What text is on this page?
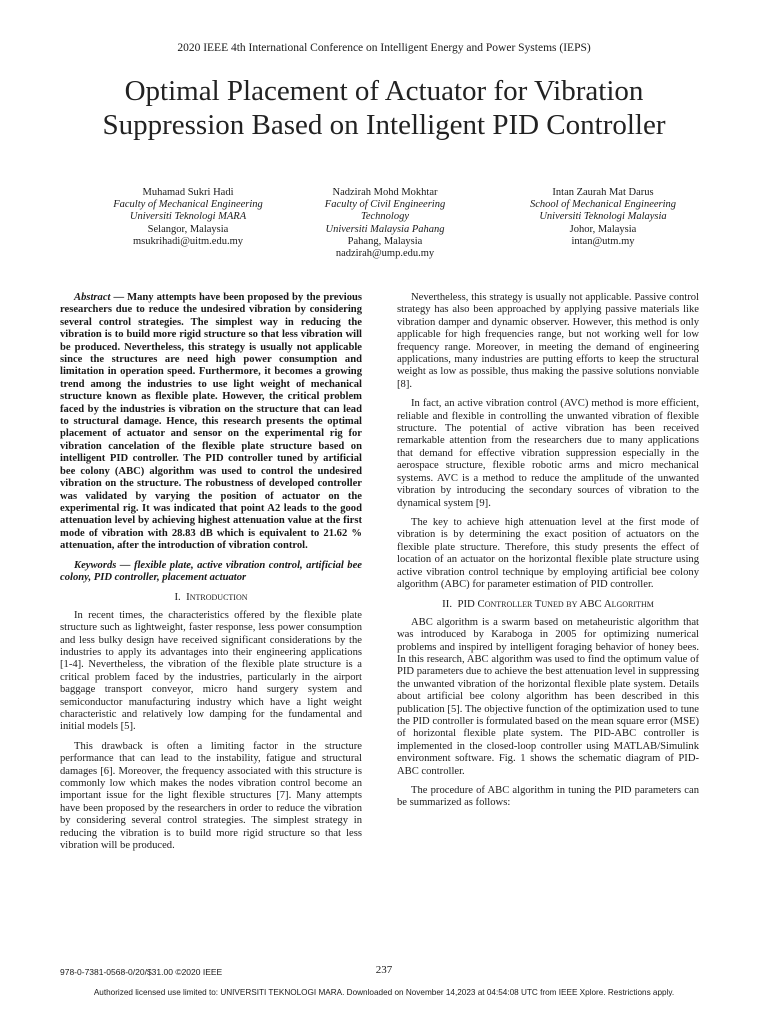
2020 IEEE 4th International Conference on Intelligent Energy and Power Systems (IEPS)
Optimal Placement of Actuator for Vibration
Suppression Based on Intelligent PID Controller
Muhamad Sukri Hadi
Faculty of Mechanical Engineering
Universiti Teknologi MARA
Selangor, Malaysia
msukrihadi@uitm.edu.my
Nadzirah Mohd Mokhtar
Faculty of Civil Engineering
Technology
Universiti Malaysia Pahang
Pahang, Malaysia
nadzirah@ump.edu.my
Intan Zaurah Mat Darus
School of Mechanical Engineering
Universiti Teknologi Malaysia
Johor, Malaysia
intan@utm.my

Abstract — Many attempts have been proposed by the previous researchers due to reduce the undesired vibration by considering several control strategies. The simplest way in reducing the vibration is to build more rigid structure so that less vibration will be produced. Nevertheless, this strategy is usually not applicable since the structures are need high power consumption and limitation in operation speed. Furthermore, it becomes a growing trend among the industries to use light weight of mechanical structure known as flexible plate. However, the critical problem faced by the industries is vibration on the structure that can lead to structural damage. Hence, this research presents the optimal placement of actuator and sensor on the experimental rig for vibration cancelation of the flexible plate structure based on intelligent PID controller. The PID controller tuned by artificial bee colony (ABC) algorithm was used to control the undesired vibration on the structure. The robustness of developed controller was validated by varying the position of actuator on the experimental rig. It was indicated that point A2 leads to the good attenuation level by achieving highest attenuation value at the first mode of vibration with 28.83 dB which is equivalent to 21.62 % attenuation, after the introduction of vibration control.

Keywords — flexible plate, active vibration control, artificial bee colony, PID controller, placement actuator

I. Introduction

In recent times, the characteristics offered by the flexible plate structure such as lightweight, faster response, less power consumption and less bulky design have received significant considerations by the industries to apply its advantages into their engineering applications [1-4]. Nevertheless, the vibration of the flexible plate structure is a critical problem faced by the industries, particularly in the airport baggage transport conveyor, micro hand surgery system and semiconductor manufacturing industry which have a light weight characteristic and relatively low damping for the fundamental and initial models [5].

This drawback is often a limiting factor in the structure performance that can lead to the instability, fatigue and structural damages [6]. Moreover, the frequency associated with this structure is commonly low which makes the nodes vibration control become an important issue for the light flexible structures [7]. Many attempts have been proposed by the researchers in order to reduce the vibration by considering several control strategies. The simplest strategy in reducing the vibration is to build more rigid structure so that less vibration will be produced.

Nevertheless, this strategy is usually not applicable. Passive control strategy has also been approached by applying passive materials like vibration damper and dynamic observer. However, this method is only applicable for high frequencies range, but not working well for low frequency range. Moreover, in meeting the demand of engineering applications, many industries are putting efforts to keep the structural weight as low as possible, thus making the passive solutions nonviable [8].

In fact, an active vibration control (AVC) method is more efficient, reliable and flexible in controlling the unwanted vibration of flexible structure. The potential of active vibration has been received remarkable attention from the researchers due to many applications that demand for effective vibration suppression especially in the aerospace structure, flexible robotic arms and micro mechanical systems. AVC is a method to reduce the amplitude of the unwanted vibration by introducing the secondary sources of vibration to the dynamical system [9].

The key to achieve high attenuation level at the first mode of vibration is by determining the exact position of actuators on the flexible plate structure. Therefore, this study presents the effect of location of an actuator on the horizontal flexible plate structure using active vibration control technique by employing artificial bee colony algorithm (ABC) for parameter estimation of PID controller.

II. PID Controller Tuned by ABC Algorithm

ABC algorithm is a swarm based on metaheuristic algorithm that was introduced by Karaboga in 2005 for optimizing numerical problems and inspired by intelligent foraging behavior of honey bees. In this research, ABC algorithm was used to find the optimum value of PID parameters due to achieve the best attenuation level in suppressing the unwanted vibration of the horizontal flexible plate system. Details about artificial bee colony algorithm has been described in this publication [5]. The objective function of the optimization used to tune the PID controller is formulated based on the mean square error (MSE) of horizontal flexible plate system. The PID-ABC controller is implemented in the closed-loop controller using MATLAB/Simulink environment software. Fig. 1 shows the schematic diagram of PID-ABC controller.

The procedure of ABC algorithm in tuning the PID parameters can be summarized as follows:

978-0-7381-0568-0/20/$31.00 ©2020 IEEE	237
Authorized licensed use limited to: UNIVERSITI TEKNOLOGI MARA. Downloaded on November 14,2023 at 04:54:08 UTC from IEEE Xplore. Restrictions apply.
